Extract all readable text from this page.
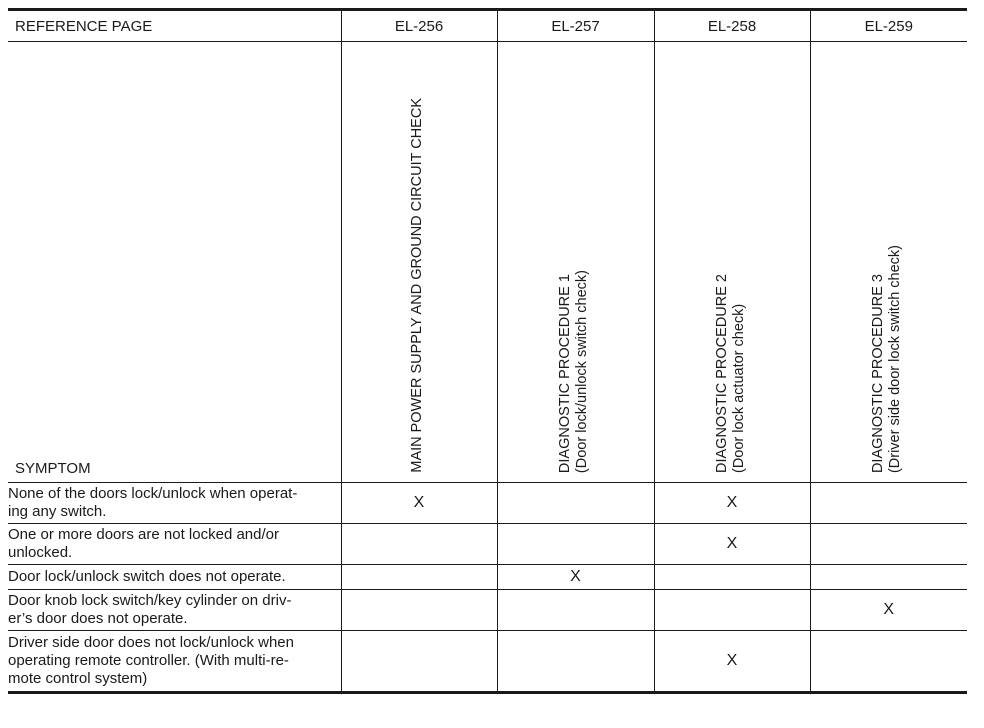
REFERENCE PAGE	EL-256	EL-257	EL-258	EL-259
SYMPTOM	MAIN POWER SUPPLY AND GROUND CIRCUIT CHECK	DIAGNOSTIC PROCEDURE 1 (Door lock/unlock switch check)	DIAGNOSTIC PROCEDURE 2 (Door lock actuator check)	DIAGNOSTIC PROCEDURE 3 (Driver side door lock switch check)

None of the doors lock/unlock when operat-
ing any switch.	X		X	
One or more doors are not locked and/or
unlocked.			X	
Door lock/unlock switch does not operate.		X		
Door knob lock switch/key cylinder on driv-
er’s door does not operate.				X
Driver side door does not lock/unlock when
operating remote controller. (With multi-re-
mote control system)			X	
